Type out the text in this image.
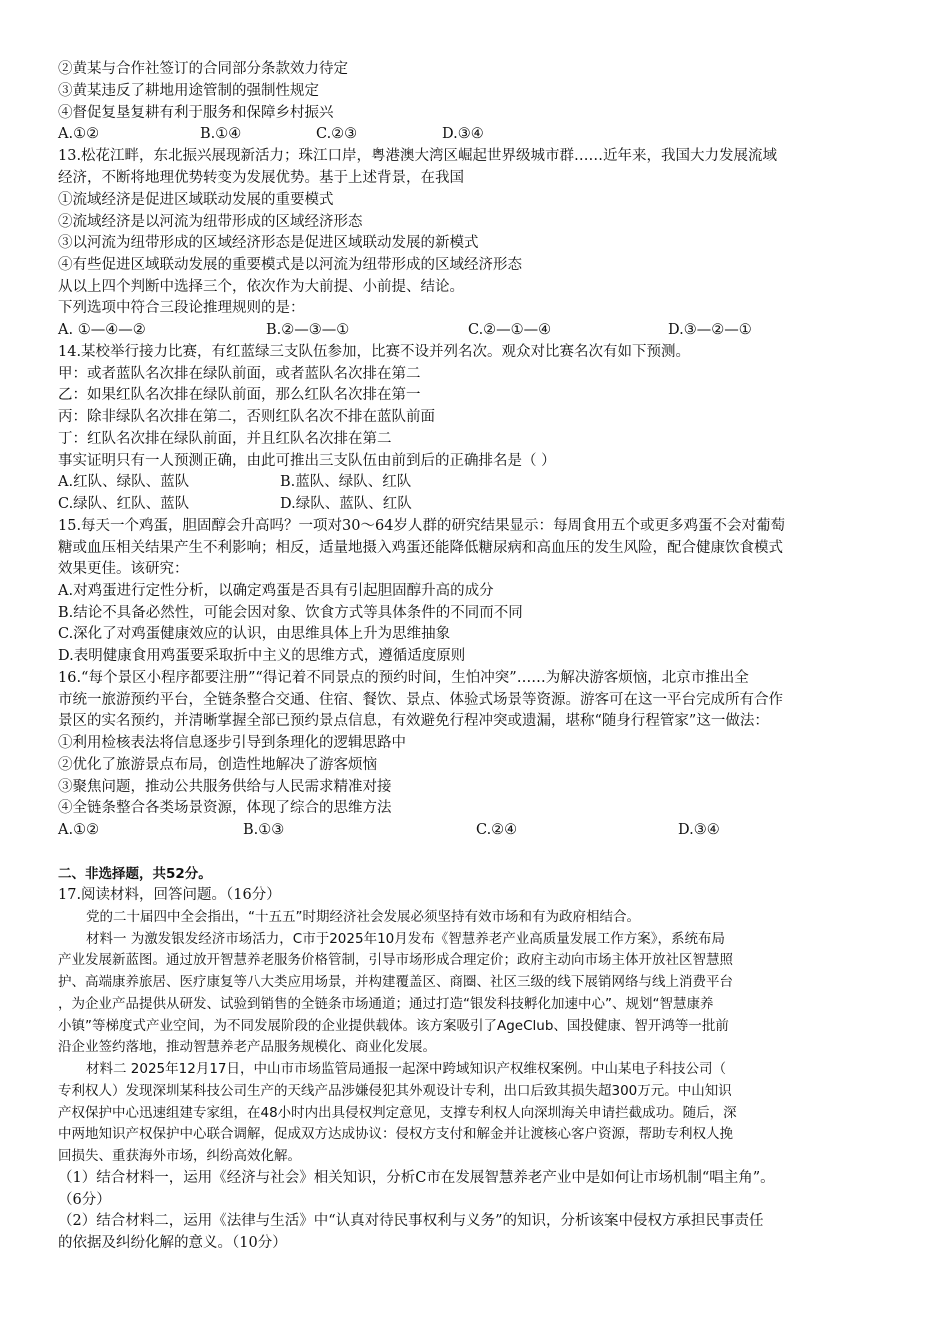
②黄某与合作社签订的合同部分条款效力待定
③黄某违反了耕地用途管制的强制性规定
④督促复垦复耕有利于服务和保障乡村振兴
A.①②	B.①④	C.②③	D.③④
13.松花江畔，东北振兴展现新活力；珠江口岸，粤港澳大湾区崛起世界级城市群……近年来，我国大力发展流域
经济，不断将地理优势转变为发展优势。基于上述背景，在我国
①流域经济是促进区域联动发展的重要模式
②流域经济是以河流为纽带形成的区域经济形态
③以河流为纽带形成的区域经济形态是促进区域联动发展的新模式
④有些促进区域联动发展的重要模式是以河流为纽带形成的区域经济形态
从以上四个判断中选择三个，依次作为大前提、小前提、结论。
下列选项中符合三段论推理规则的是：
A. ①—④—②	B.②—③—①	C.②—①—④	D.③—②—①
14.某校举行接力比赛，有红蓝绿三支队伍参加，比赛不设并列名次。观众对比赛名次有如下预测。
甲：或者蓝队名次排在绿队前面，或者蓝队名次排在第二
乙：如果红队名次排在绿队前面，那么红队名次排在第一
丙：除非绿队名次排在第二，否则红队名次不排在蓝队前面
丁：红队名次排在绿队前面，并且红队名次排在第二
事实证明只有一人预测正确，由此可推出三支队伍由前到后的正确排名是（ ）
A.红队、绿队、蓝队	B.蓝队、绿队、红队
C.绿队、红队、蓝队	D.绿队、蓝队、红队
15.每天一个鸡蛋，胆固醇会升高吗？一项对30～64岁人群的研究结果显示：每周食用五个或更多鸡蛋不会对葡萄
糖或血压相关结果产生不利影响；相反，适量地摄入鸡蛋还能降低糖尿病和高血压的发生风险，配合健康饮食模式
效果更佳。该研究：
A.对鸡蛋进行定性分析，以确定鸡蛋是否具有引起胆固醇升高的成分
B.结论不具备必然性，可能会因对象、饮食方式等具体条件的不同而不同
C.深化了对鸡蛋健康效应的认识，由思维具体上升为思维抽象
D.表明健康食用鸡蛋要采取折中主义的思维方式，遵循适度原则
16.“每个景区小程序都要注册”“得记着不同景点的预约时间，生怕冲突”……为解决游客烦恼，北京市推出全
市统一旅游预约平台，全链条整合交通、住宿、餐饮、景点、体验式场景等资源。游客可在这一平台完成所有合作
景区的实名预约，并清晰掌握全部已预约景点信息，有效避免行程冲突或遗漏，堪称“随身行程管家”这一做法：
①利用检核表法将信息逐步引导到条理化的逻辑思路中
②优化了旅游景点布局，创造性地解决了游客烦恼
③聚焦问题，推动公共服务供给与人民需求精准对接
④全链条整合各类场景资源，体现了综合的思维方法
A.①②	B.①③	C.②④	D.③④
二、非选择题，共52分。
17.阅读材料，回答问题。（16分）
党的二十届四中全会指出，“十五五”时期经济社会发展必须坚持有效市场和有为政府相结合。
材料一 为激发银发经济市场活力，C市于2025年10月发布《智慧养老产业高质量发展工作方案》，系统布局
产业发展新蓝图。通过放开智慧养老服务价格管制，引导市场形成合理定价；政府主动向市场主体开放社区智慧照
护、高端康养旅居、医疗康复等八大类应用场景，并构建覆盖区、商圈、社区三级的线下展销网络与线上消费平台
，为企业产品提供从研发、试验到销售的全链条市场通道；通过打造“银发科技孵化加速中心”、规划“智慧康养
小镇”等梯度式产业空间，为不同发展阶段的企业提供载体。该方案吸引了AgeClub、国投健康、智开鸿等一批前
沿企业签约落地，推动智慧养老产品服务规模化、商业化发展。
材料二 2025年12月17日，中山市市场监管局通报一起深中跨域知识产权维权案例。中山某电子科技公司（
专利权人）发现深圳某科技公司生产的天线产品涉嫌侵犯其外观设计专利，出口后致其损失超300万元。中山知识
产权保护中心迅速组建专家组，在48小时内出具侵权判定意见，支撑专利权人向深圳海关申请拦截成功。随后，深
中两地知识产权保护中心联合调解，促成双方达成协议：侵权方支付和解金并让渡核心客户资源，帮助专利权人挽
回损失、重获海外市场，纠纷高效化解。
（1）结合材料一，运用《经济与社会》相关知识，分析C市在发展智慧养老产业中是如何让市场机制“唱主角”。
（6分）
（2）结合材料二，运用《法律与生活》中“认真对待民事权利与义务”的知识，分析该案中侵权方承担民事责任
的依据及纠纷化解的意义。（10分）
